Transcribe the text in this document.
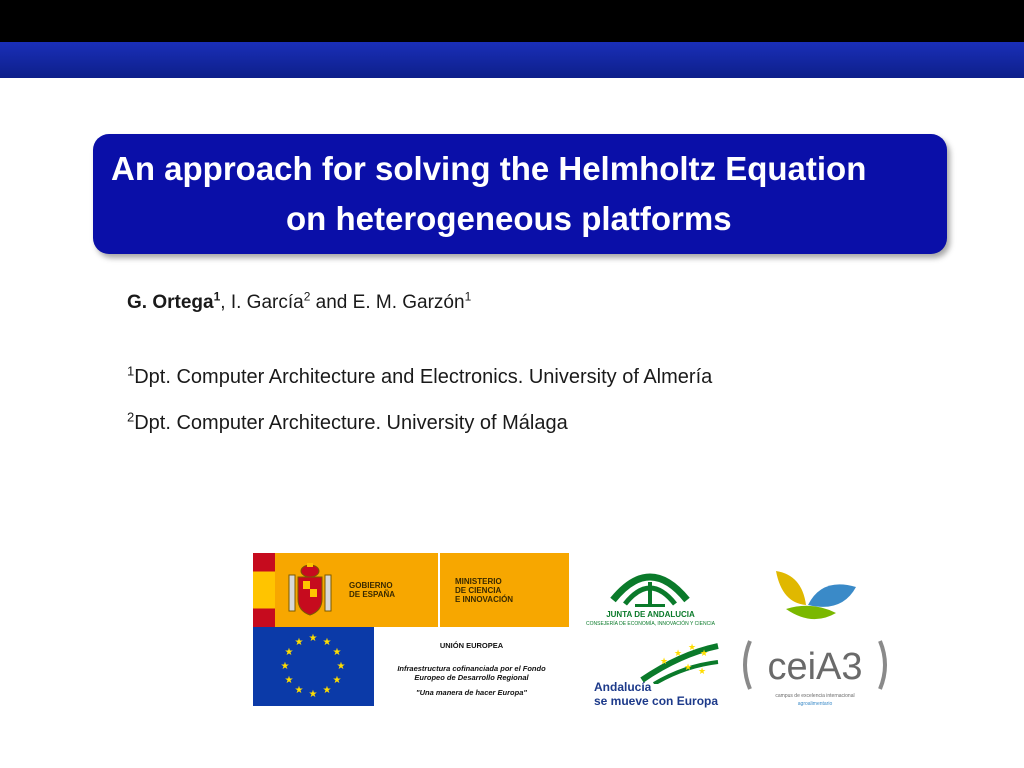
An approach for solving the Helmholtz Equation
on heterogeneous platforms
G. Ortega$^1$, I. García$^2$ and E. M. Garzón$^1$
$^1$Dpt. Computer Architecture and Electronics. University of Almería
$^2$Dpt. Computer Architecture. University of Málaga
GOBIERNO
DE ESPAÑA
MINISTERIO
DE CIENCIA
E INNOVACIÓN
★ ★
★
★
★
★
★
★
★
★
★
★	UNIÓN EUROPEA
Infraestructura cofinanciada por el Fondo
Europeo de Desarrollo Regional
"Una manera de hacer Europa"
JUNTA DE ANDALUCIA
CONSEJERÍA DE ECONOMÍA, INNOVACIÓN Y CIENCIA
★
★
★
★
★ ★
Andalucía
se mueve con Europa
ceiA3
campus de excelencia internacional
agroalimentario
